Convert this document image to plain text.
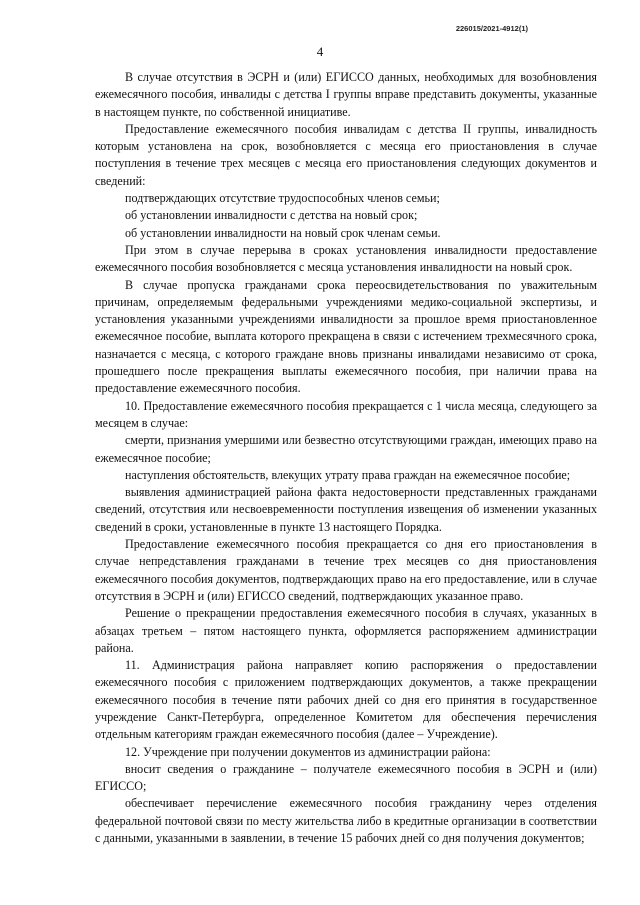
226015/2021-4912(1)
4

В случае отсутствия в ЭСРН и (или) ЕГИССО данных, необходимых для возобновления ежемесячного пособия, инвалиды с детства I группы вправе представить документы, указанные в настоящем пункте, по собственной инициативе.

Предоставление ежемесячного пособия инвалидам с детства II группы, инвалидность которым установлена на срок, возобновляется с месяца его приостановления в случае поступления в течение трех месяцев с месяца его приостановления следующих документов и сведений:

подтверждающих отсутствие трудоспособных членов семьи;

об установлении инвалидности с детства на новый срок;

об установлении инвалидности на новый срок членам семьи.

При этом в случае перерыва в сроках установления инвалидности предоставление ежемесячного пособия возобновляется с месяца установления инвалидности на новый срок.

В случае пропуска гражданами срока переосвидетельствования по уважительным причинам, определяемым федеральными учреждениями медико-социальной экспертизы, и установления указанными учреждениями инвалидности за прошлое время приостановленное ежемесячное пособие, выплата которого прекращена в связи с истечением трехмесячного срока, назначается с месяца, с которого граждане вновь признаны инвалидами независимо от срока, прошедшего после прекращения выплаты ежемесячного пособия, при наличии права на предоставление ежемесячного пособия.

10. Предоставление ежемесячного пособия прекращается с 1 числа месяца, следующего за месяцем в случае:

смерти, признания умершими или безвестно отсутствующими граждан, имеющих право на ежемесячное пособие;

наступления обстоятельств, влекущих утрату права граждан на ежемесячное пособие;

выявления администрацией района факта недостоверности представленных гражданами сведений, отсутствия или несвоевременности поступления извещения об изменении указанных сведений в сроки, установленные в пункте 13 настоящего Порядка.

Предоставление ежемесячного пособия прекращается со дня его приостановления в случае непредставления гражданами в течение трех месяцев со дня приостановления ежемесячного пособия документов, подтверждающих право на его предоставление, или в случае отсутствия в ЭСРН и (или) ЕГИССО сведений, подтверждающих указанное право.

Решение о прекращении предоставления ежемесячного пособия в случаях, указанных в абзацах третьем – пятом настоящего пункта, оформляется распоряжением администрации района.

11. Администрация района направляет копию распоряжения о предоставлении ежемесячного пособия с приложением подтверждающих документов, а также прекращении ежемесячного пособия в течение пяти рабочих дней со дня его принятия в государственное учреждение Санкт-Петербурга, определенное Комитетом для обеспечения перечисления отдельным категориям граждан ежемесячного пособия (далее – Учреждение).

12. Учреждение при получении документов из администрации района:

вносит сведения о гражданине – получателе ежемесячного пособия в ЭСРН и (или) ЕГИССО;

обеспечивает перечисление ежемесячного пособия гражданину через отделения федеральной почтовой связи по месту жительства либо в кредитные организации в соответствии с данными, указанными в заявлении, в течение 15 рабочих дней со дня получения документов;
